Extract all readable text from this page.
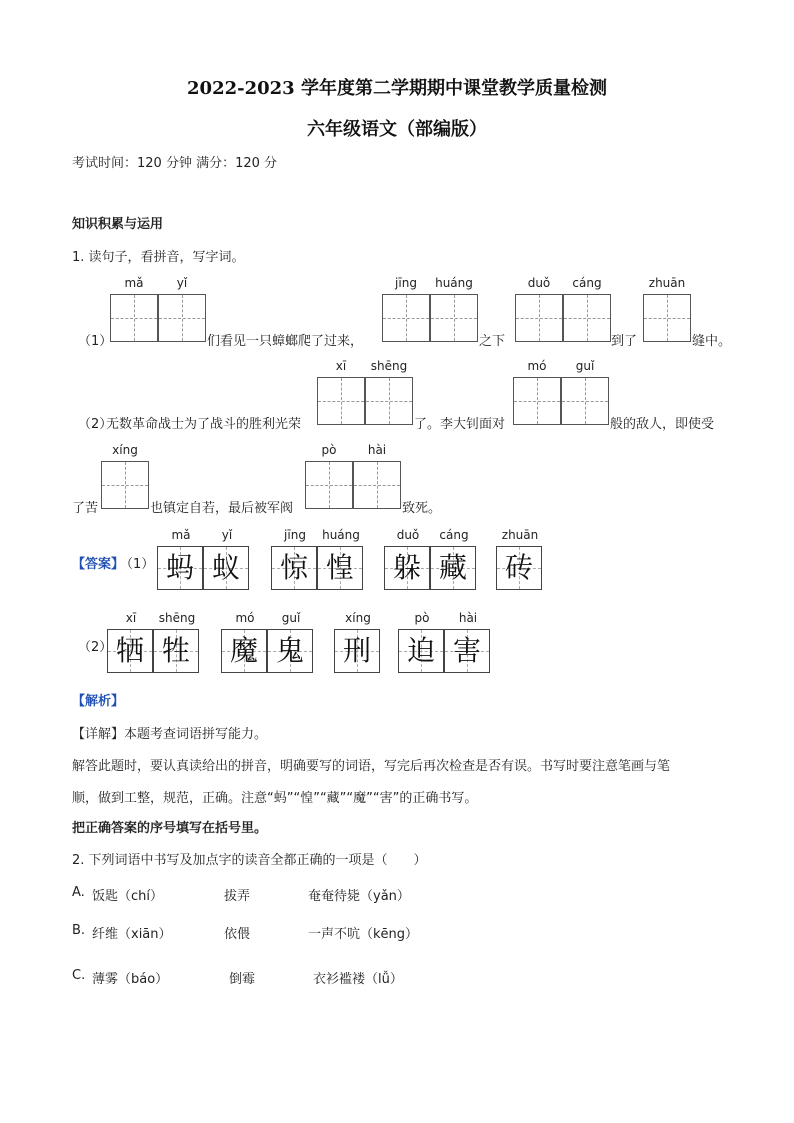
2022-2023 学年度第二学期期中课堂教学质量检测
六年级语文（部编版）
考试时间：120 分钟 满分：120 分
知识积累与运用
1. 读句子，看拼音，写字词。
mǎ	yǐ
（1）	们看见一只蟑螂爬了过来，
jīng	huáng
之下
duǒ	cáng
到了
zhuān
缝中。
（2）
无数革命战士为了战斗的胜利光荣
xī	shēng
了。李大钊面对
mó	guǐ
般的敌人，即使受
xíng
了苦	也镇定自若，最后被军阀
pò	hài
致死。
【答案】
（1）
mǎ	yǐ
蚂 蚁
jīng	huáng
惊 惶
duǒ	cáng
躲 藏
zhuān
砖
（2）
xī	shēng
牺 牲
mó	guǐ
魔 鬼
xíng
刑
pò	hài
迫 害
【解析】
【详解】本题考查词语拼写能力。
解答此题时，要认真读给出的拼音，明确要写的词语，写完后再次检查是否有误。书写时要注意笔画与笔
顺，做到工整，规范，正确。注意“蚂”“惶”“藏”“魔”“害”的正确书写。
把正确答案的序号填写在括号里。
2. 下列词语中书写及加点字的读音全都正确的一项是（　　）
A. 饭匙（chí）	拔弄	奄奄待毙（yǎn）
B. 纤维（xiān）	依偎	一声不吭（kēng）
C. 薄雾（báo）	倒霉	衣衫褴褛（lǚ）
